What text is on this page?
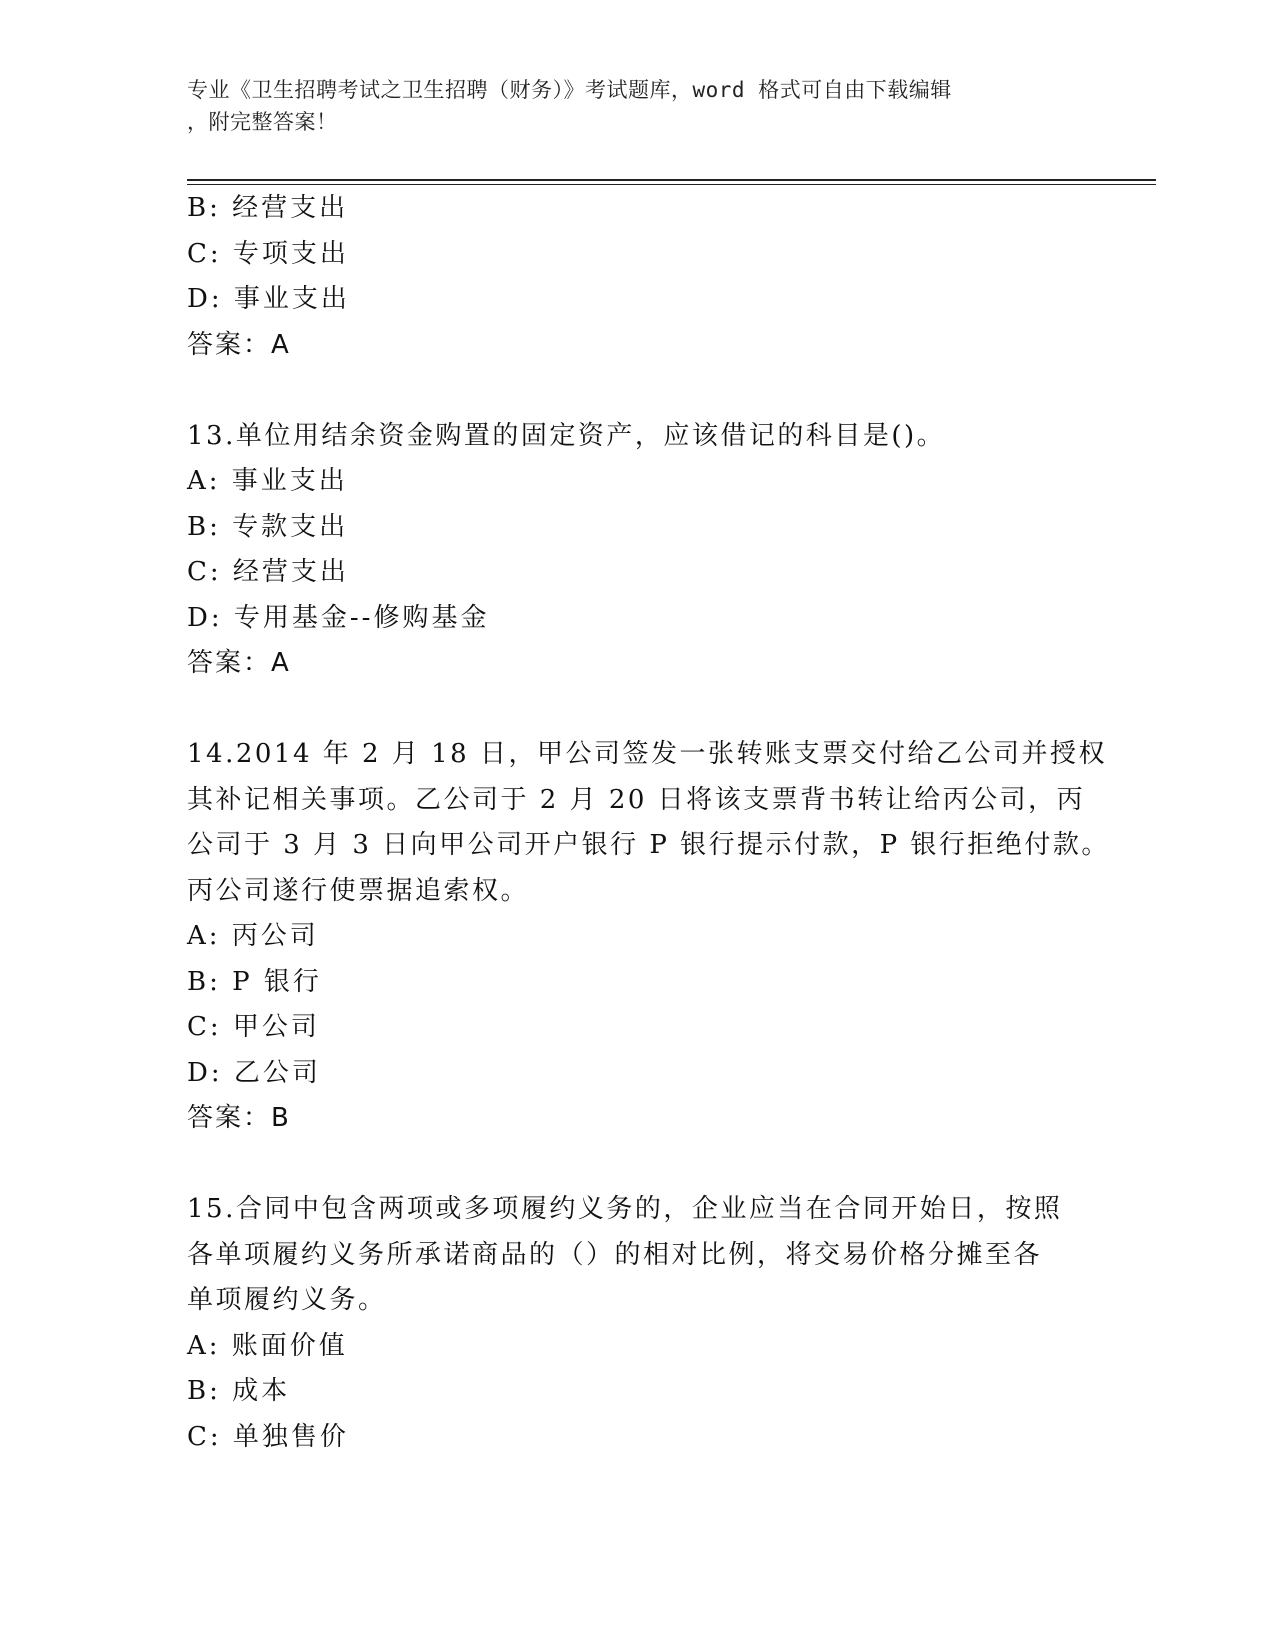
专业《卫生招聘考试之卫生招聘（财务）》考试题库，word 格式可自由下载编辑
，附完整答案！
B: 经营支出
C: 专项支出
D: 事业支出
答案：A
13.单位用结余资金购置的固定资产，应该借记的科目是()。
A: 事业支出
B: 专款支出
C: 经营支出
D: 专用基金--修购基金
答案：A
14.2014 年 2 月 18 日，甲公司签发一张转账支票交付给乙公司并授权
其补记相关事项。乙公司于 2 月 20 日将该支票背书转让给丙公司，丙
公司于 3 月 3 日向甲公司开户银行 P 银行提示付款，P 银行拒绝付款。
丙公司遂行使票据追索权。
A: 丙公司
B: P 银行
C: 甲公司
D: 乙公司
答案：B
15.合同中包含两项或多项履约义务的，企业应当在合同开始日，按照
各单项履约义务所承诺商品的（）的相对比例，将交易价格分摊至各
单项履约义务。
A: 账面价值
B: 成本
C: 单独售价
